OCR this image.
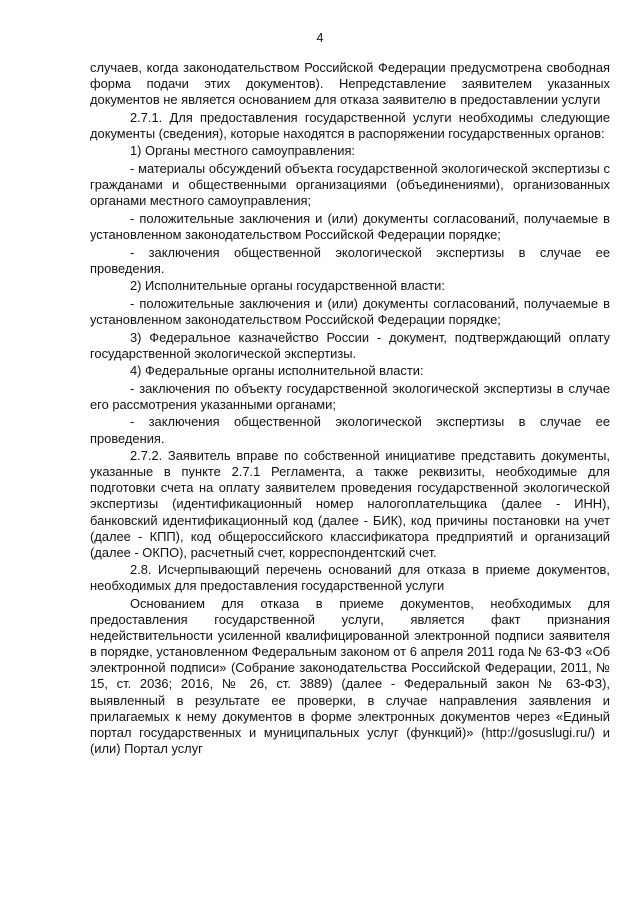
4

случаев, когда законодательством Российской Федерации предусмотрена свободная форма подачи этих документов). Непредставление заявителем указанных документов не является основанием для отказа заявителю в предоставлении услуги

2.7.1. Для предоставления государственной услуги необходимы следующие документы (сведения), которые находятся в распоряжении государственных органов:

1) Органы местного самоуправления:

- материалы обсуждений объекта государственной экологической экспертизы с гражданами и общественными организациями (объединениями), организованных органами местного самоуправления;

- положительные заключения и (или) документы согласований, получаемые в установленном законодательством Российской Федерации порядке;

- заключения общественной экологической экспертизы в случае ее проведения.

2) Исполнительные органы государственной власти:

- положительные заключения и (или) документы согласований, получаемые в установленном законодательством Российской Федерации порядке;

3) Федеральное казначейство России - документ, подтверждающий оплату государственной экологической экспертизы.

4) Федеральные органы исполнительной власти:

- заключения по объекту государственной экологической экспертизы в случае его рассмотрения указанными органами;

- заключения общественной экологической экспертизы в случае ее проведения.

2.7.2. Заявитель вправе по собственной инициативе представить документы, указанные в пункте 2.7.1 Регламента, а также реквизиты, необходимые для подготовки счета на оплату заявителем проведения государственной экологической экспертизы (идентификационный номер налогоплательщика (далее - ИНН), банковский идентификационный код (далее - БИК), код причины постановки на учет (далее - КПП), код общероссийского классификатора предприятий и организаций (далее - ОКПО), расчетный счет, корреспондентский счет.

2.8. Исчерпывающий перечень оснований для отказа в приеме документов, необходимых для предоставления государственной услуги

Основанием для отказа в приеме документов, необходимых для предоставления государственной услуги, является факт признания недействительности усиленной квалифицированной электронной подписи заявителя в порядке, установленном Федеральным законом от 6 апреля 2011 года № 63-ФЗ «Об электронной подписи» (Собрание законодательства Российской Федерации, 2011, № 15, ст. 2036; 2016, № 26, ст. 3889) (далее - Федеральный закон № 63-ФЗ), выявленный в результате ее проверки, в случае направления заявления и прилагаемых к нему документов в форме электронных документов через «Единый портал государственных и муниципальных услуг (функций)» (http://gosuslugi.ru/) и (или) Портал услуг
